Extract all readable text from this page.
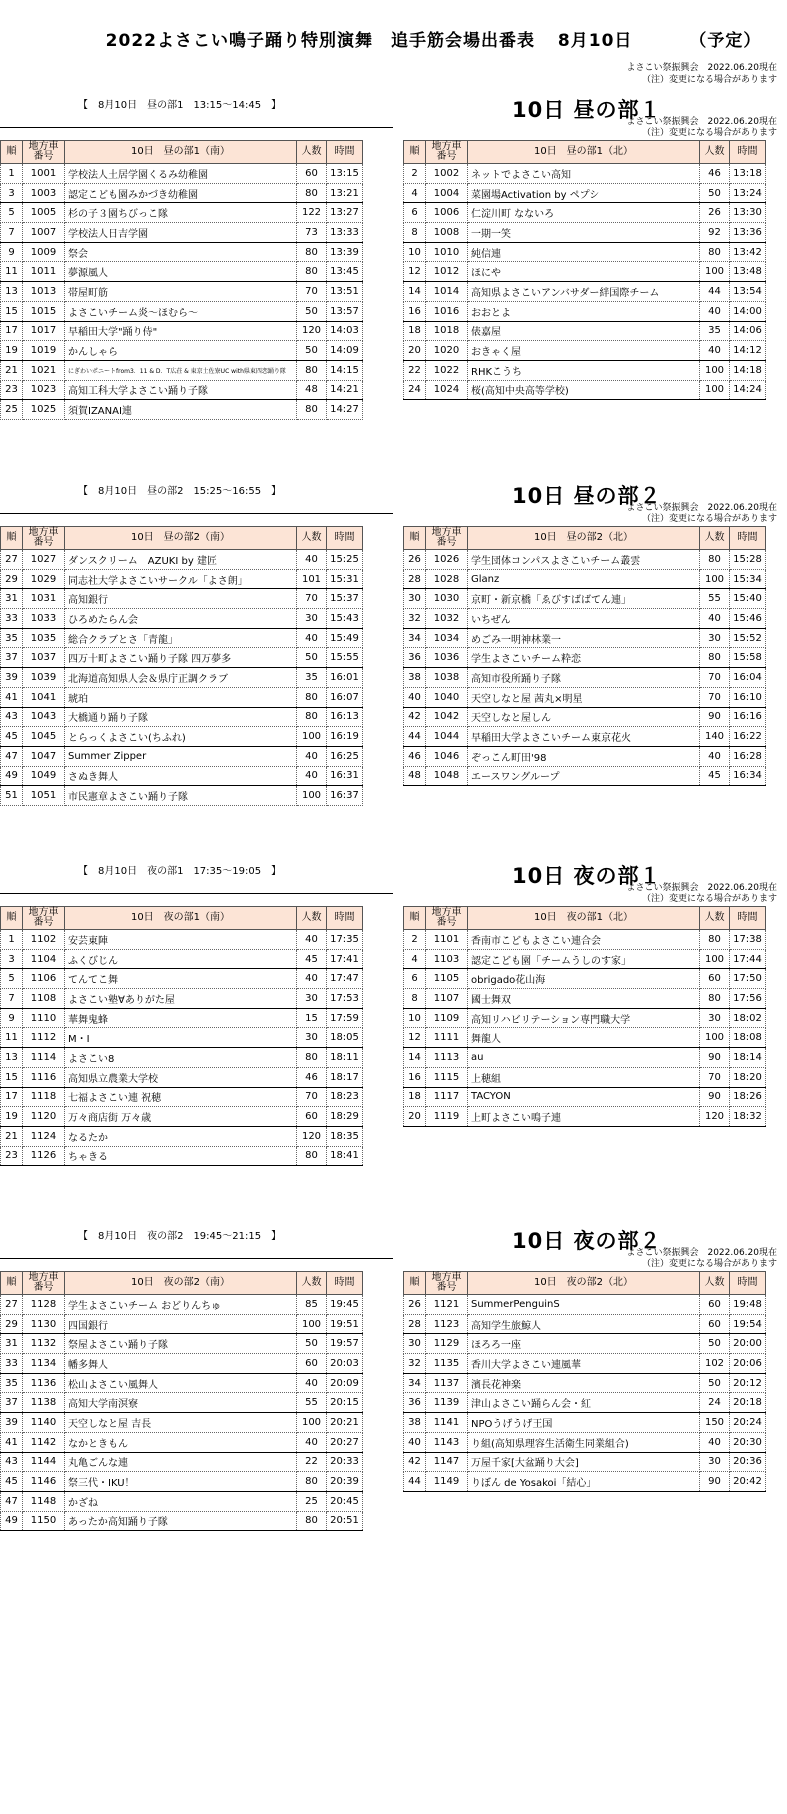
2022よさこい鳴子踊り特別演舞　追手筋会場出番表 8月10日	（予定）
よさこい祭振興会　2022.06.20現在
（注）変更になる場合があります
【　8月10日　昼の部1　13:15～14:45　】	10日 昼の部１
よさこい祭振興会　2022.06.20現在
（注）変更になる場合があります
順	地方車
番号	10日　昼の部1（南）	人数	時間
1	1001	学校法人土居学園くるみ幼稚園	60	13:15
3	1003	認定こども園みかづき幼稚園	80	13:21
5	1005	杉の子３園ちびっこ隊	122	13:27
7	1007	学校法人日吉学園	73	13:33
9	1009	祭会	80	13:39
11	1011	夢源風人	80	13:45
13	1013	帯屋町筋	70	13:51
15	1015	よさこいチーム炎～ほむら～	50	13:57
17	1017	早稲田大学"踊り侍"	120	14:03
19	1019	かんしゃら	50	14:09
21	1021	にぎわいポニートfrom3．11 & D．T広荘 & 東京土佐寮UC with県東四恋踊り隊	80	14:15
23	1023	高知工科大学よさこい踊り子隊	48	14:21
25	1025	須賀IZANAI連	80	14:27
順	地方車
番号	10日　昼の部1（北）	人数	時間
2	1002	ネットでよさこい高知	46	13:18
4	1004	菜園場Activation by ペプシ	50	13:24
6	1006	仁淀川町 なないろ	26	13:30
8	1008	一期一笑	92	13:36
10	1010	純信連	80	13:42
12	1012	ほにや	100	13:48
14	1014	高知県よさこいアンバサダー絆国際チーム	44	13:54
16	1016	おおとよ	40	14:00
18	1018	俵嘉屋	35	14:06
20	1020	おきゃく屋	40	14:12
22	1022	RHKこうち	100	14:18
24	1024	桜(高知中央高等学校)	100	14:24
【　8月10日　昼の部2　15:25～16:55　】	10日 昼の部２
よさこい祭振興会　2022.06.20現在
（注）変更になる場合があります
順	地方車
番号	10日　昼の部2（南）	人数	時間
27	1027	ダンスクリーム　AZUKI by 建匠	40	15:25
29	1029	同志社大学よさこいサークル「よさ朗」	101	15:31
31	1031	高知銀行	70	15:37
33	1033	ひろめたらん会	30	15:43
35	1035	総合クラブとさ「青龍」	40	15:49
37	1037	四万十町よさこい踊り子隊 四万夢多	50	15:55
39	1039	北海道高知県人会＆県庁正調クラブ	35	16:01
41	1041	琥珀	80	16:07
43	1043	大橋通り踊り子隊	80	16:13
45	1045	とらっくよさこい(ちふれ)	100	16:19
47	1047	Summer Zipper	40	16:25
49	1049	さぬき舞人	40	16:31
51	1051	市民憲章よさこい踊り子隊	100	16:37
順	地方車
番号	10日　昼の部2（北）	人数	時間
26	1026	学生団体コンパスよさこいチーム叢雲	80	15:28
28	1028	Glanz	100	15:34
30	1030	京町・新京橋「ゑびすばばてん連」	55	15:40
32	1032	いちぜん	40	15:46
34	1034	めごみ一明神林業一	30	15:52
36	1036	学生よさこいチーム粋恋	80	15:58
38	1038	高知市役所踊り子隊	70	16:04
40	1040	天空しなと屋 茜丸×明星	70	16:10
42	1042	天空しなと屋しん	90	16:16
44	1044	早稲田大学よさこいチーム東京花火	140	16:22
46	1046	ぞっこん町田'98	40	16:28
48	1048	エースワングループ	45	16:34
【　8月10日　夜の部1　17:35～19:05　】	10日 夜の部１
よさこい祭振興会　2022.06.20現在
（注）変更になる場合があります
順	地方車
番号	10日　夜の部1（南）	人数	時間
1	1102	安芸東陣	40	17:35
3	1104	ふくびじん	45	17:41
5	1106	てんてこ舞	40	17:47
7	1108	よさこい塾∀ありがた屋	30	17:53
9	1110	華舞鬼蜂	15	17:59
11	1112	M・I	30	18:05
13	1114	よさこい8	80	18:11
15	1116	高知県立農業大学校	46	18:17
17	1118	七福よさこい連 祝穂	70	18:23
19	1120	万々商店街 万々歳	60	18:29
21	1124	なるたか	120	18:35
23	1126	ちゃきる	80	18:41
順	地方車
番号	10日　夜の部1（北）	人数	時間
2	1101	香南市こどもよさこい連合会	80	17:38
4	1103	認定こども園「チームうしのす家」	100	17:44
6	1105	obrigado花山海	60	17:50
8	1107	國士舞双	80	17:56
10	1109	高知リハビリテーション専門職大学	30	18:02
12	1111	舞龍人	100	18:08
14	1113	au	90	18:14
16	1115	上穂組	70	18:20
18	1117	TACYON	90	18:26
20	1119	上町よさこい鳴子連	120	18:32
【　8月10日　夜の部2　19:45～21:15　】	10日 夜の部２
よさこい祭振興会　2022.06.20現在
（注）変更になる場合があります
順	地方車
番号	10日　夜の部2（南）	人数	時間
27	1128	学生よさこいチーム おどりんちゅ	85	19:45
29	1130	四国銀行	100	19:51
31	1132	祭屋よさこい踊り子隊	50	19:57
33	1134	幡多舞人	60	20:03
35	1136	松山よさこい風舞人	40	20:09
37	1138	高知大学南溟寮	55	20:15
39	1140	天空しなと屋 吉長	100	20:21
41	1142	なかときもん	40	20:27
43	1144	丸亀ごんな連	22	20:33
45	1146	祭三代・IKU！	80	20:39
47	1148	かざね	25	20:45
49	1150	あったか高知踊り子隊	80	20:51
順	地方車
番号	10日　夜の部2（北）	人数	時間
26	1121	SummerPenguinS	60	19:48
28	1123	高知学生旅鯨人	60	19:54
30	1129	ほろろ一座	50	20:00
32	1135	香川大学よさこい連風華	102	20:06
34	1137	濱長花神楽	50	20:12
36	1139	津山よさこい踊らん会・紅	24	20:18
38	1141	NPOうげうげ王国	150	20:24
40	1143	り組(高知県理容生活衛生同業組合)	40	20:30
42	1147	万屋千家[大盆踊り大会]	30	20:36
44	1149	りぼん de Yosakoi「結心」	90	20:42
